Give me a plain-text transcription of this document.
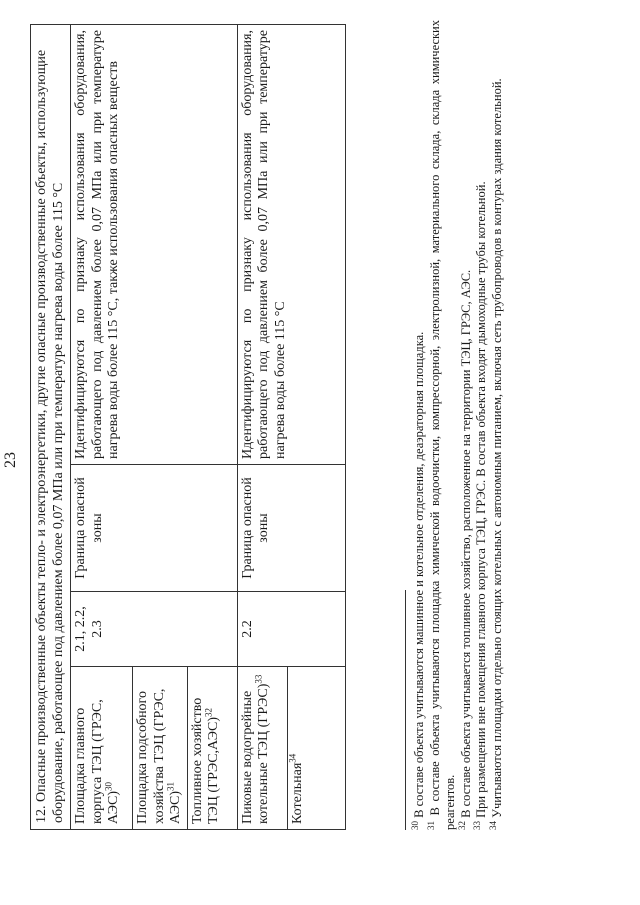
23 12. Опасные производственные объекты тепло- и электроэнергетики, другие опасные производственные объекты, использующие оборудование, работающее под давлением более 0,07 МПа или при температуре нагрева воды более 115 °С			
Площадка главного корпуса ТЭЦ (ГРЭС, АЭС)$^{30}$	2.1, 2.2, 2.3	Граница опасной зоны	Идентифицируются по признаку использования оборудования, работающего под давлением более 0,07 МПа или при температуре нагрева воды более 115 °С, также использования опасных веществ
Площадка подсобного хозяйства ТЭЦ (ГРЭС, АЭС)$^{31}$
Топливное хозяйство ТЭЦ (ГРЭС,АЭС)$^{32}$
Пиковые водогрейные котельные ТЭЦ (ГРЭС)$^{33}$	2.2	Граница опасной зоны	Идентифицируются по признаку использования оборудования, работающего под давлением более 0,07 МПа или при температуре нагрева воды более 115 °С
Котельная$^{34}$

$^{30}$ В составе объекта учитываются машинное и котельное отделения, деаэраторная площадка.

$^{31}$ В составе объекта учитываются площадка химической водоочистки, компрессорной, электролизной, материального склада, склада химических реагентов. $^{32}$ В составе объекта учитывается топливное хозяйство, расположенное на территории ТЭЦ, ГРЭС, АЭС.

$^{33}$ При размещении вне помещения главного корпуса ТЭЦ, ГРЭС. В состав объекта входят дымоходные трубы котельной.

$^{34}$ Учитываются площадки отдельно стоящих котельных с автономным питанием, включая сеть трубопроводов в контурах здания котельной.
